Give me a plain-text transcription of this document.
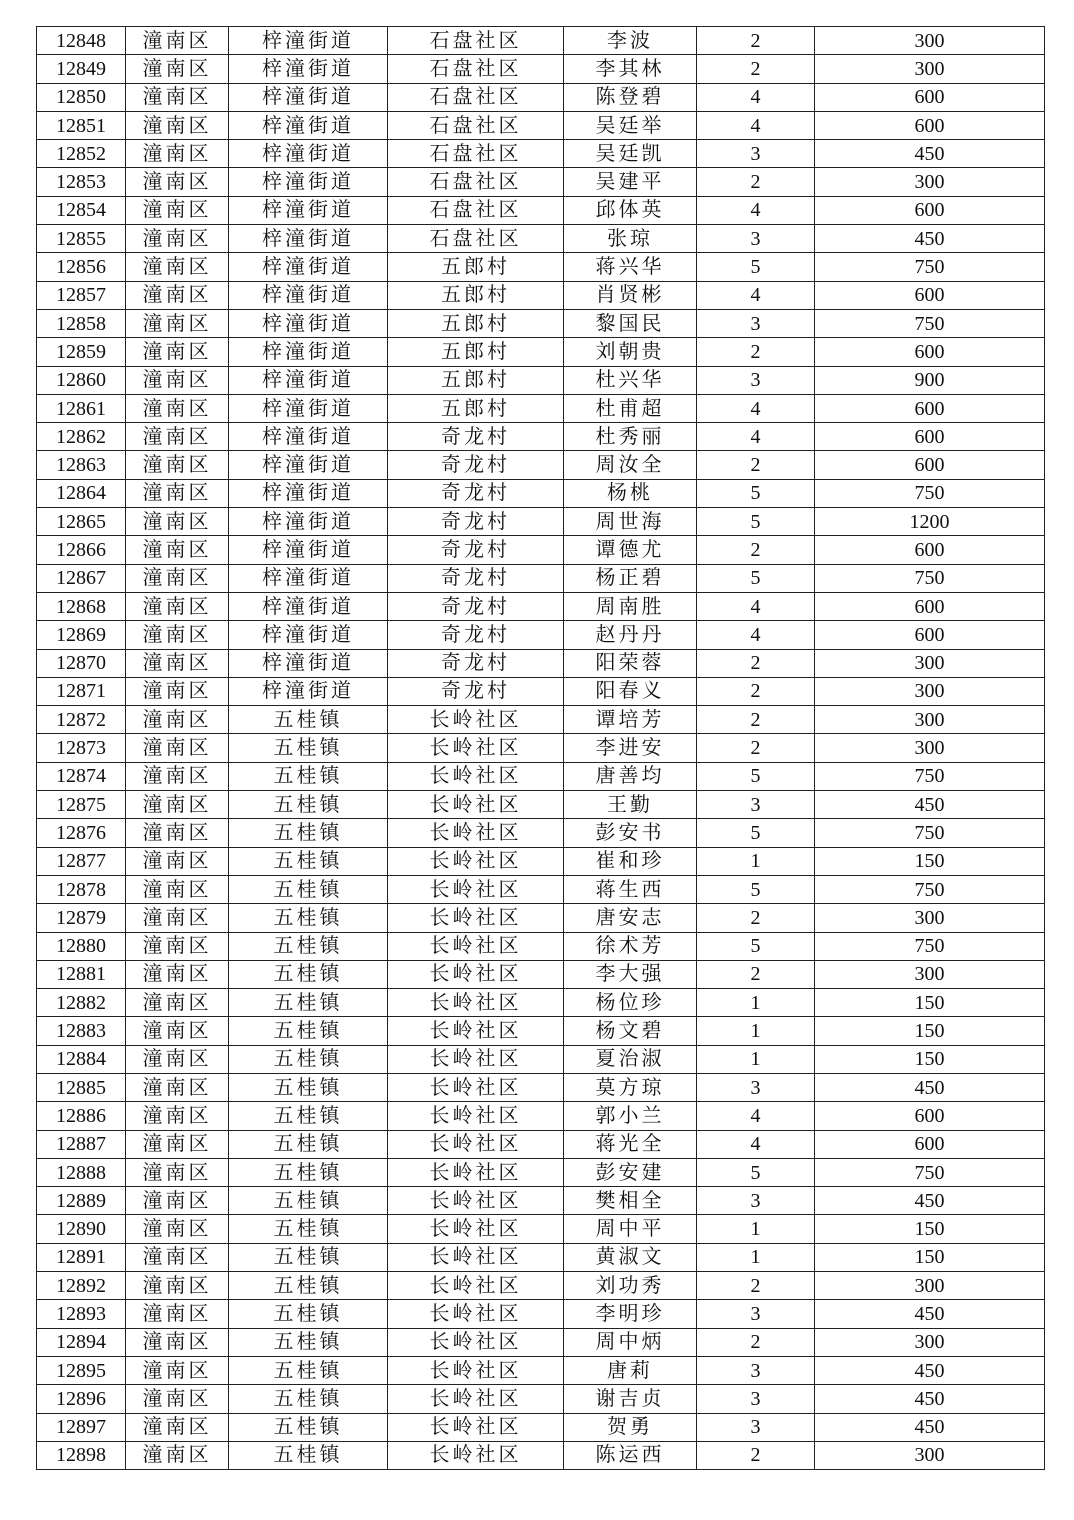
12848	潼南区	梓潼街道	石盘社区	李波	2	300
12849	潼南区	梓潼街道	石盘社区	李其林	2	300
12850	潼南区	梓潼街道	石盘社区	陈登碧	4	600
12851	潼南区	梓潼街道	石盘社区	吴廷举	4	600
12852	潼南区	梓潼街道	石盘社区	吴廷凯	3	450
12853	潼南区	梓潼街道	石盘社区	吴建平	2	300
12854	潼南区	梓潼街道	石盘社区	邱体英	4	600
12855	潼南区	梓潼街道	石盘社区	张琼	3	450
12856	潼南区	梓潼街道	五郎村	蒋兴华	5	750
12857	潼南区	梓潼街道	五郎村	肖贤彬	4	600
12858	潼南区	梓潼街道	五郎村	黎国民	3	750
12859	潼南区	梓潼街道	五郎村	刘朝贵	2	600
12860	潼南区	梓潼街道	五郎村	杜兴华	3	900
12861	潼南区	梓潼街道	五郎村	杜甫超	4	600
12862	潼南区	梓潼街道	奇龙村	杜秀丽	4	600
12863	潼南区	梓潼街道	奇龙村	周汝全	2	600
12864	潼南区	梓潼街道	奇龙村	杨桃	5	750
12865	潼南区	梓潼街道	奇龙村	周世海	5	1200
12866	潼南区	梓潼街道	奇龙村	谭德尤	2	600
12867	潼南区	梓潼街道	奇龙村	杨正碧	5	750
12868	潼南区	梓潼街道	奇龙村	周南胜	4	600
12869	潼南区	梓潼街道	奇龙村	赵丹丹	4	600
12870	潼南区	梓潼街道	奇龙村	阳荣蓉	2	300
12871	潼南区	梓潼街道	奇龙村	阳春义	2	300
12872	潼南区	五桂镇	长岭社区	谭培芳	2	300
12873	潼南区	五桂镇	长岭社区	李进安	2	300
12874	潼南区	五桂镇	长岭社区	唐善均	5	750
12875	潼南区	五桂镇	长岭社区	王勤	3	450
12876	潼南区	五桂镇	长岭社区	彭安书	5	750
12877	潼南区	五桂镇	长岭社区	崔和珍	1	150
12878	潼南区	五桂镇	长岭社区	蒋生西	5	750
12879	潼南区	五桂镇	长岭社区	唐安志	2	300
12880	潼南区	五桂镇	长岭社区	徐术芳	5	750
12881	潼南区	五桂镇	长岭社区	李大强	2	300
12882	潼南区	五桂镇	长岭社区	杨位珍	1	150
12883	潼南区	五桂镇	长岭社区	杨文碧	1	150
12884	潼南区	五桂镇	长岭社区	夏治淑	1	150
12885	潼南区	五桂镇	长岭社区	莫方琼	3	450
12886	潼南区	五桂镇	长岭社区	郭小兰	4	600
12887	潼南区	五桂镇	长岭社区	蒋光全	4	600
12888	潼南区	五桂镇	长岭社区	彭安建	5	750
12889	潼南区	五桂镇	长岭社区	樊相全	3	450
12890	潼南区	五桂镇	长岭社区	周中平	1	150
12891	潼南区	五桂镇	长岭社区	黄淑文	1	150
12892	潼南区	五桂镇	长岭社区	刘功秀	2	300
12893	潼南区	五桂镇	长岭社区	李明珍	3	450
12894	潼南区	五桂镇	长岭社区	周中炳	2	300
12895	潼南区	五桂镇	长岭社区	唐莉	3	450
12896	潼南区	五桂镇	长岭社区	谢吉贞	3	450
12897	潼南区	五桂镇	长岭社区	贺勇	3	450
12898	潼南区	五桂镇	长岭社区	陈运西	2	300
